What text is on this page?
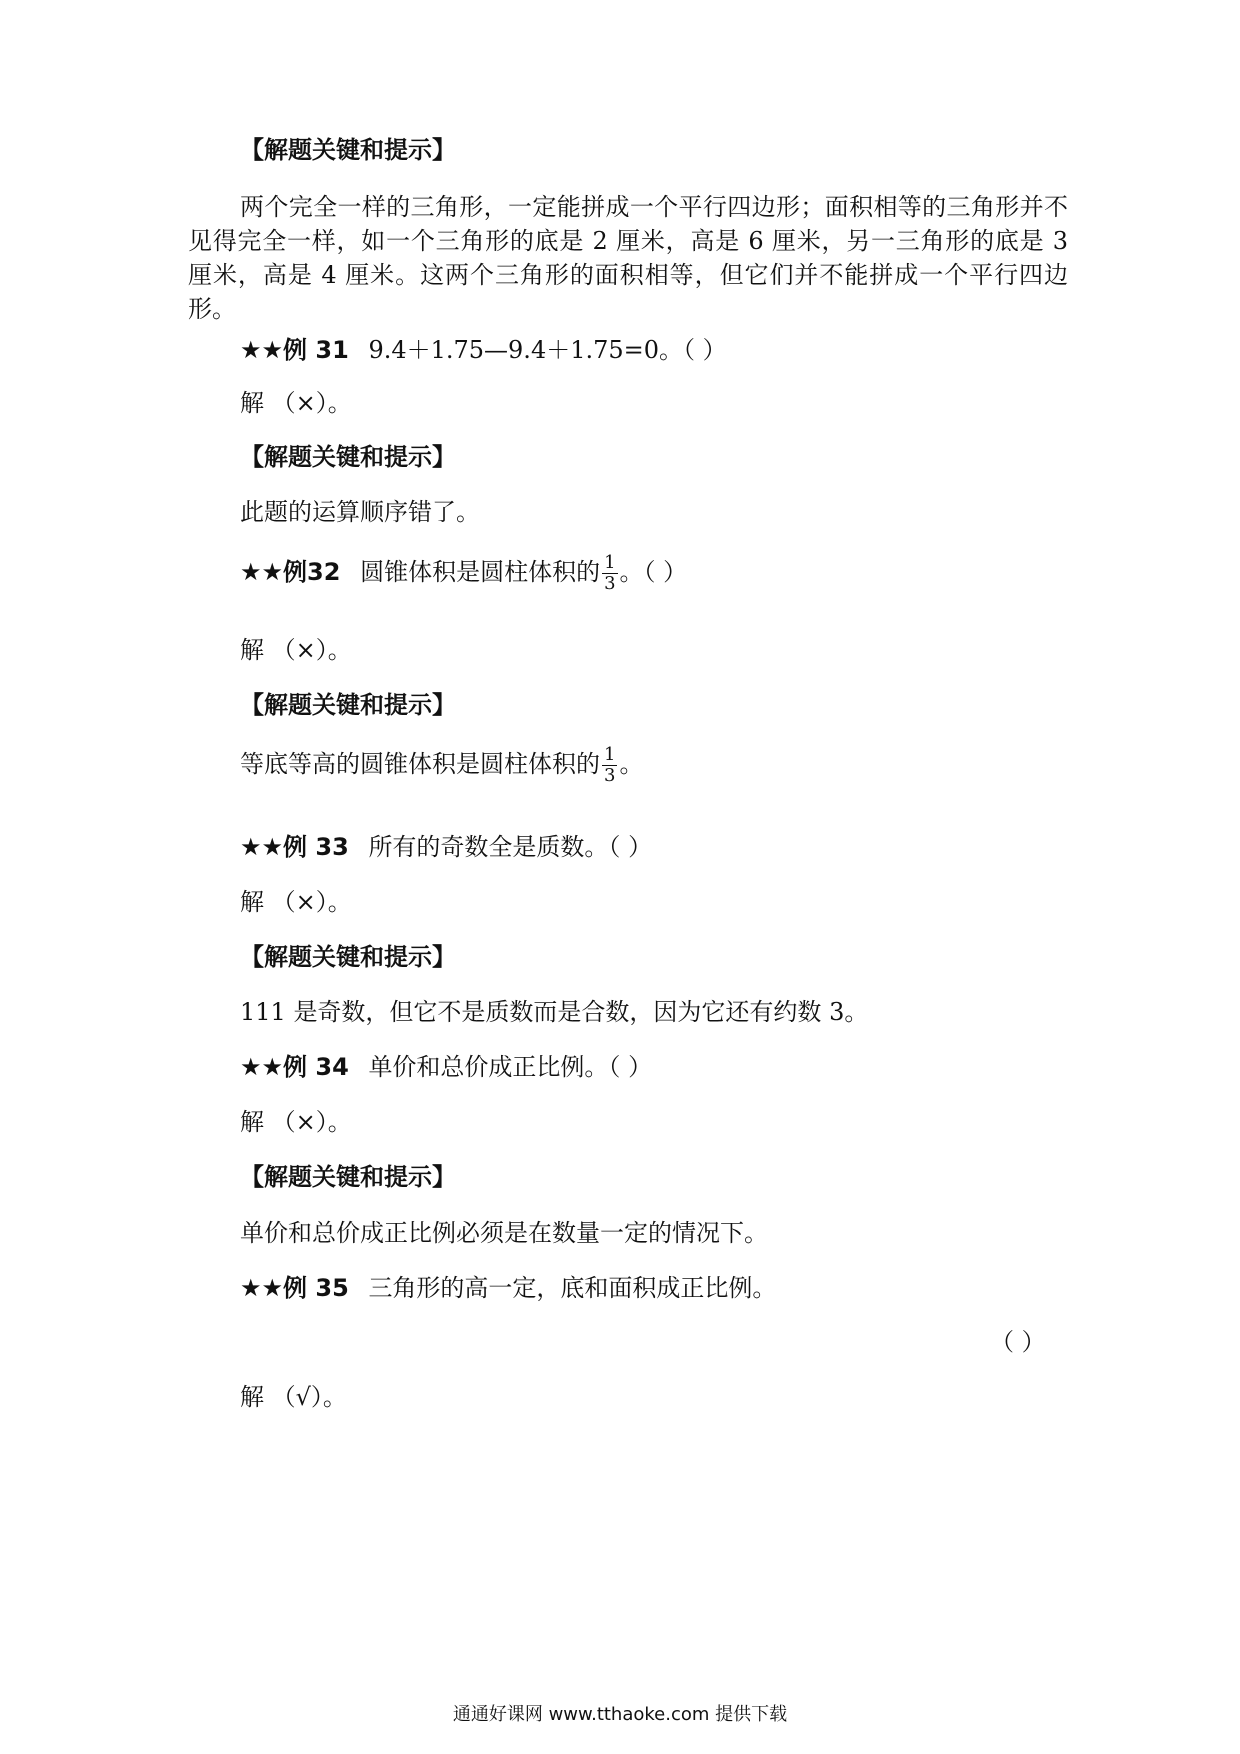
【解题关键和提示】
两个完全一样的三角形，一定能拼成一个平行四边形；面积相等的三角形并不见得完全一样，如一个三角形的底是 2 厘米，高是 6 厘米，另一三角形的底是 3 厘米，高是 4 厘米。这两个三角形的面积相等，但它们并不能拼成一个平行四边形。
★★例 31 9.4＋1.75—9.4＋1.75=0。（ ）
解 （×）。
【解题关键和提示】
此题的运算顺序错了。
★★例32 圆锥体积是圆柱体积的 $\frac{1}{3}$ 。（ ）
解 （×）。
【解题关键和提示】
等底等高的圆锥体积是圆柱体积的 $\frac{1}{3}$ 。
★★例 33 所有的奇数全是质数。（ ）
解 （×）。
【解题关键和提示】
111 是奇数，但它不是质数而是合数，因为它还有约数 3。
★★例 34 单价和总价成正比例。（ ）
解 （×）。
【解题关键和提示】
单价和总价成正比例必须是在数量一定的情况下。
★★例 35 三角形的高一定，底和面积成正比例。
（ ）
解 （√）。
通通好课网 www.tthaoke.com 提供下载
